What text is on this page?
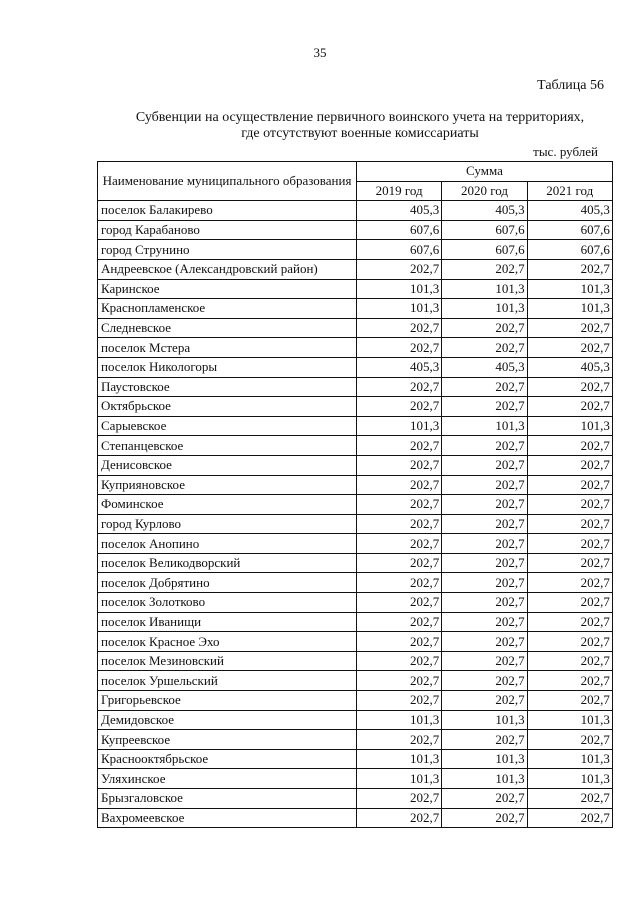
35
Таблица 56
Субвенции на осуществление первичного воинского учета на территориях,
где отсутствуют военные комиссариаты
тыс. рублей
Наименование муниципального образования	Сумма		
	2019 год	2020 год	2021 год
поселок Балакирево	405,3	405,3	405,3
город Карабаново	607,6	607,6	607,6
город Струнино	607,6	607,6	607,6
Андреевское (Александровский район)	202,7	202,7	202,7
Каринское	101,3	101,3	101,3
Краснопламенское	101,3	101,3	101,3
Следневское	202,7	202,7	202,7
поселок Мстера	202,7	202,7	202,7
поселок Никологоры	405,3	405,3	405,3
Паустовское	202,7	202,7	202,7
Октябрьское	202,7	202,7	202,7
Сарыевское	101,3	101,3	101,3
Степанцевское	202,7	202,7	202,7
Денисовское	202,7	202,7	202,7
Куприяновское	202,7	202,7	202,7
Фоминское	202,7	202,7	202,7
город Курлово	202,7	202,7	202,7
поселок Анопино	202,7	202,7	202,7
поселок Великодворский	202,7	202,7	202,7
поселок Добрятино	202,7	202,7	202,7
поселок Золотково	202,7	202,7	202,7
поселок Иванищи	202,7	202,7	202,7
поселок Красное Эхо	202,7	202,7	202,7
поселок Мезиновский	202,7	202,7	202,7
поселок Уршельский	202,7	202,7	202,7
Григорьевское	202,7	202,7	202,7
Демидовское	101,3	101,3	101,3
Купреевское	202,7	202,7	202,7
Краснооктябрьское	101,3	101,3	101,3
Уляхинское	101,3	101,3	101,3
Брызгаловское	202,7	202,7	202,7
Вахромеевское	202,7	202,7	202,7
